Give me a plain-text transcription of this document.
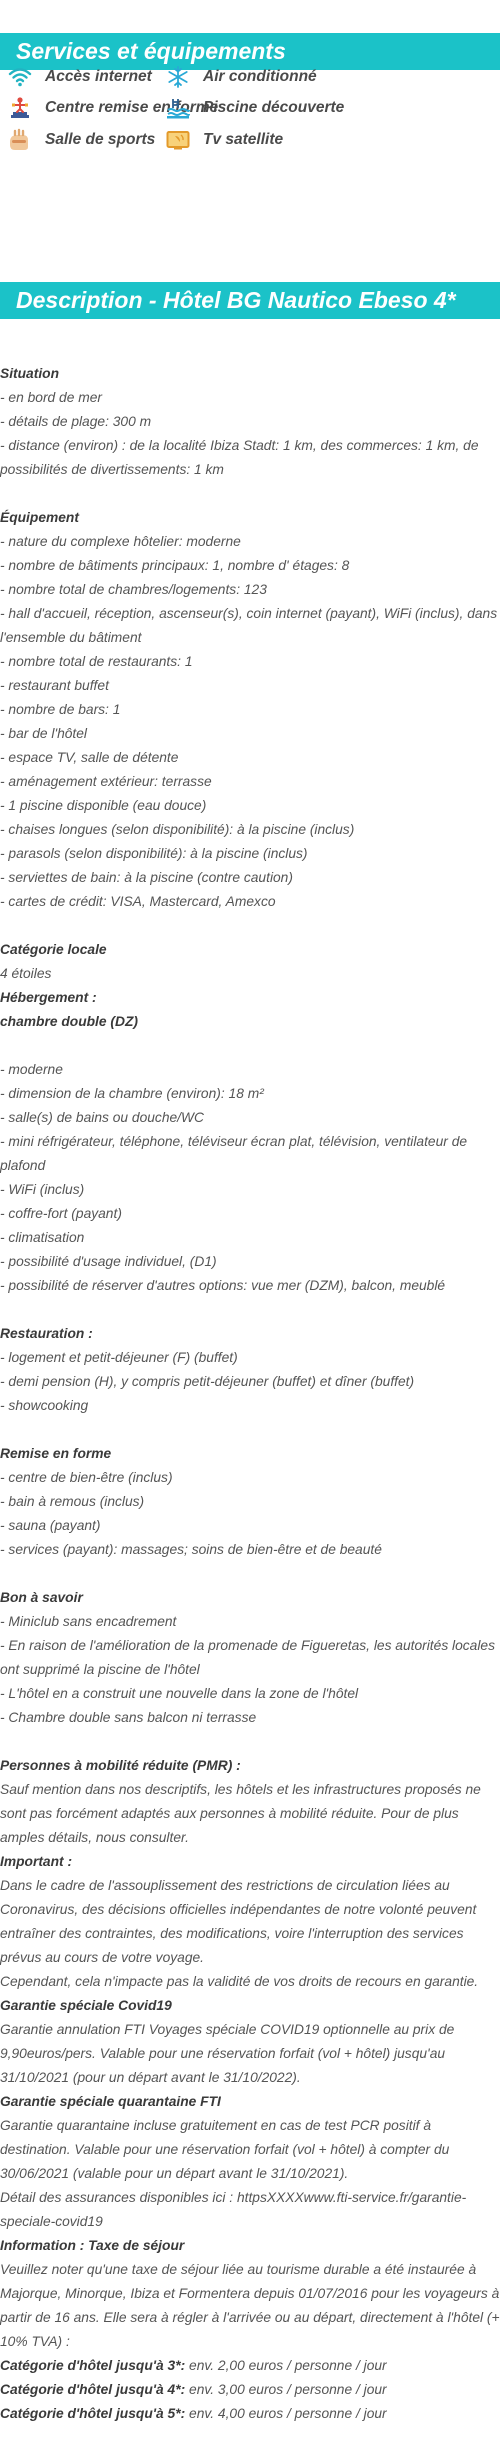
Services et équipements
Accès internet	Air conditionné
Centre remise en forme
Piscine découverte
Salle de sports	Tv satellite
Description - Hôtel BG Nautico Ebeso 4*
Situation
- en bord de mer
- détails de plage: 300 m
- distance (environ) : de la localité Ibiza Stadt: 1 km, des commerces: 1 km, de possibilités de divertissements: 1 km
Équipement
- nature du complexe hôtelier: moderne
- nombre de bâtiments principaux: 1, nombre d' étages: 8
- nombre total de chambres/logements: 123
- hall d'accueil, réception, ascenseur(s), coin internet (payant), WiFi (inclus), dans l'ensemble du bâtiment
- nombre total de restaurants: 1
- restaurant buffet
- nombre de bars: 1
- bar de l'hôtel
- espace TV, salle de détente
- aménagement extérieur: terrasse
- 1 piscine disponible (eau douce)
- chaises longues (selon disponibilité): à la piscine (inclus)
- parasols (selon disponibilité): à la piscine (inclus)
- serviettes de bain: à la piscine (contre caution)
- cartes de crédit: VISA, Mastercard, Amexco
Catégorie locale
4 étoiles
Hébergement :
chambre double (DZ)
- moderne
- dimension de la chambre (environ): 18 m²
- salle(s) de bains ou douche/WC
- mini réfrigérateur, téléphone, téléviseur écran plat, télévision, ventilateur de plafond
- WiFi (inclus)
- coffre-fort (payant)
- climatisation
- possibilité d'usage individuel, (D1)
- possibilité de réserver d'autres options: vue mer (DZM), balcon, meublé
Restauration :
- logement et petit-déjeuner (F) (buffet)
- demi pension (H), y compris petit-déjeuner (buffet) et dîner (buffet)
- showcooking
Remise en forme
- centre de bien-être (inclus)
- bain à remous (inclus)
- sauna (payant)
- services (payant): massages; soins de bien-être et de beauté
Bon à savoir
- Miniclub sans encadrement
- En raison de l'amélioration de la promenade de Figueretas, les autorités locales ont supprimé la piscine de l'hôtel
- L'hôtel en a construit une nouvelle dans la zone de l'hôtel
- Chambre double sans balcon ni terrasse
Personnes à mobilité réduite (PMR) :
Sauf mention dans nos descriptifs, les hôtels et les infrastructures proposés ne sont pas forcément adaptés aux personnes à mobilité réduite. Pour de plus amples détails, nous consulter.
Important :
Dans le cadre de l'assouplissement des restrictions de circulation liées au Coronavirus, des décisions officielles indépendantes de notre volonté peuvent entraîner des contraintes, des modifications, voire l'interruption des services prévus au cours de votre voyage.
Cependant, cela n'impacte pas la validité de vos droits de recours en garantie.
Garantie spéciale Covid19
Garantie annulation FTI Voyages spéciale COVID19 optionnelle au prix de 9,90euros/pers. Valable pour une réservation forfait (vol + hôtel) jusqu'au 31/10/2021 (pour un départ avant le 31/10/2022).
Garantie spéciale quarantaine FTI
Garantie quarantaine incluse gratuitement en cas de test PCR positif à destination. Valable pour une réservation forfait (vol + hôtel) à compter du 30/06/2021 (valable pour un départ avant le 31/10/2021).
Détail des assurances disponibles ici : httpsXXXXwww.fti-service.fr/garantie-speciale-covid19
Information : Taxe de séjour
Veuillez noter qu'une taxe de séjour liée au tourisme durable a été instaurée à Majorque, Minorque, Ibiza et Formentera depuis 01/07/2016 pour les voyageurs à partir de 16 ans. Elle sera à régler à l'arrivée ou au départ, directement à l'hôtel (+ 10% TVA) :
Catégorie d'hôtel jusqu'à 3*: env. 2,00 euros / personne / jour
Catégorie d'hôtel jusqu'à 4*: env. 3,00 euros / personne / jour
Catégorie d'hôtel jusqu'à 5*: env. 4,00 euros / personne / jour
